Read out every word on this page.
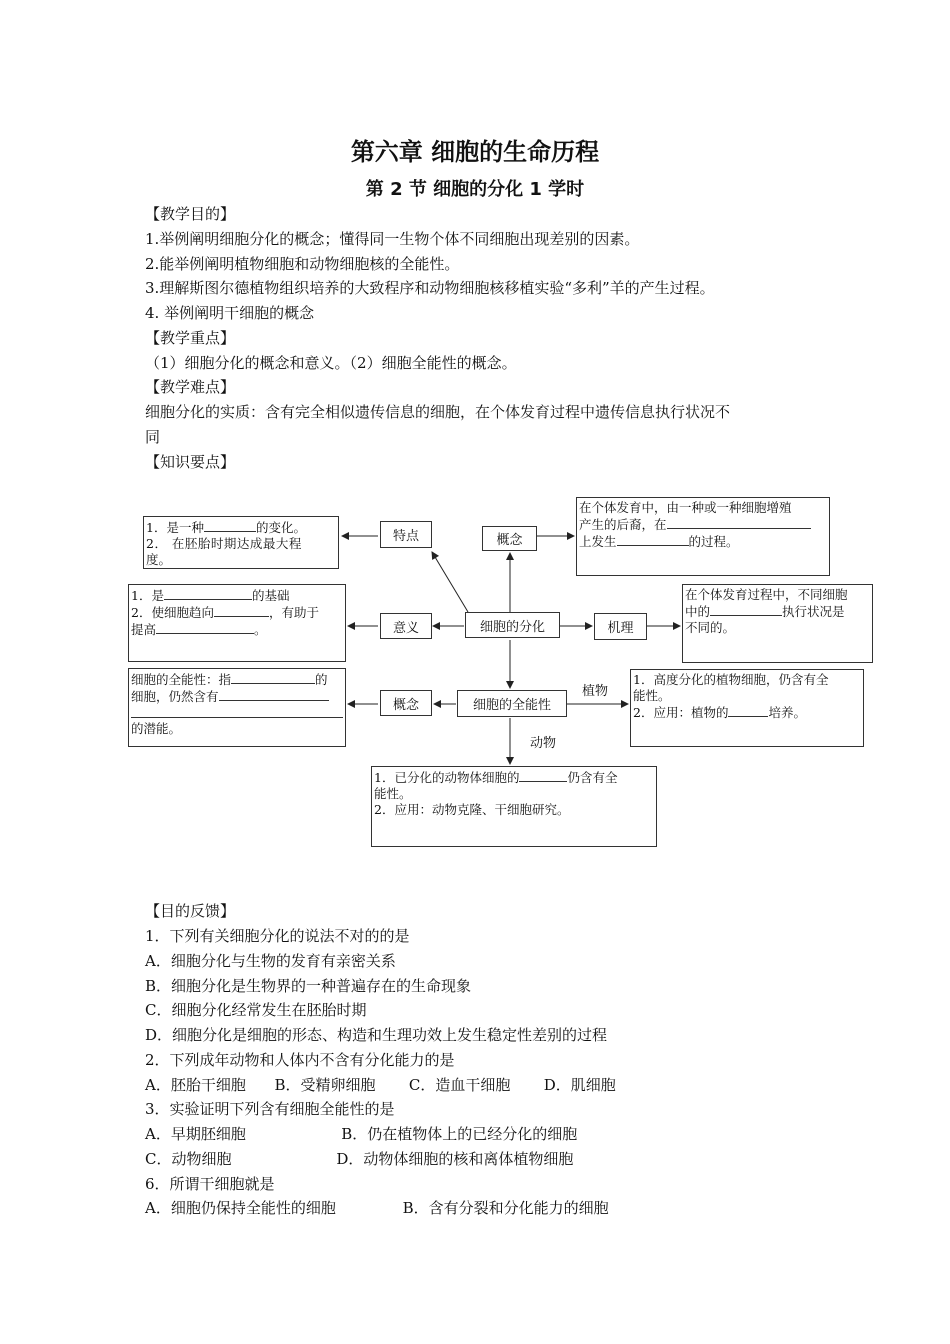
第六章 细胞的生命历程
第 2 节 细胞的分化 1 学时
【教学目的】
1.举例阐明细胞分化的概念；懂得同一生物个体不同细胞出现差别的因素。
2.能举例阐明植物细胞和动物细胞核的全能性。
3.理解斯图尔德植物组织培养的大致程序和动物细胞核移植实验“多利”羊的产生过程。
4. 举例阐明干细胞的概念
【教学重点】
（1）细胞分化的概念和意义。（2）细胞全能性的概念。
【教学难点】
细胞分化的实质：含有完全相似遗传信息的细胞，在个体发育过程中遗传信息执行状况不
同
【知识要点】
特点	概念
细胞的分化
意义	机理
概念	细胞的全能性
植物
动物
1．是一种	的变化。
2． 在胚胎时期达成最大程
度。
在个体发育中，由一种或一种细胞增殖
产生的后裔，在
上发生	的过程。
1．是	的基础
2．使细胞趋向	，有助于
提高	。
在个体发育过程中，不同细胞
中的	执行状况是
不同的。
细胞的全能性：指	的
细胞，仍然含有
的潜能。
1．高度分化的植物细胞，仍含有全
能性。
2．应用：植物的	培养。
1．已分化的动物体细胞的	仍含有全
能性。
2．应用：动物克隆、干细胞研究。
【目的反馈】
1．下列有关细胞分化的说法不对的的是
A．细胞分化与生物的发育有亲密关系
B．细胞分化是生物界的一种普遍存在的生命现象
C．细胞分化经常发生在胚胎时期
D．细胞分化是细胞的形态、构造和生理功效上发生稳定性差别的过程
2．下列成年动物和人体内不含有分化能力的是
A．胚胎干细胞      B．受精卵细胞       C．造血干细胞       D．肌细胞
3．实验证明下列含有细胞全能性的是
A．早期胚细胞                    B．仍在植物体上的已经分化的细胞
C．动物细胞                      D．动物体细胞的核和离体植物细胞
6．所谓干细胞就是
A．细胞仍保持全能性的细胞              B．含有分裂和分化能力的细胞
